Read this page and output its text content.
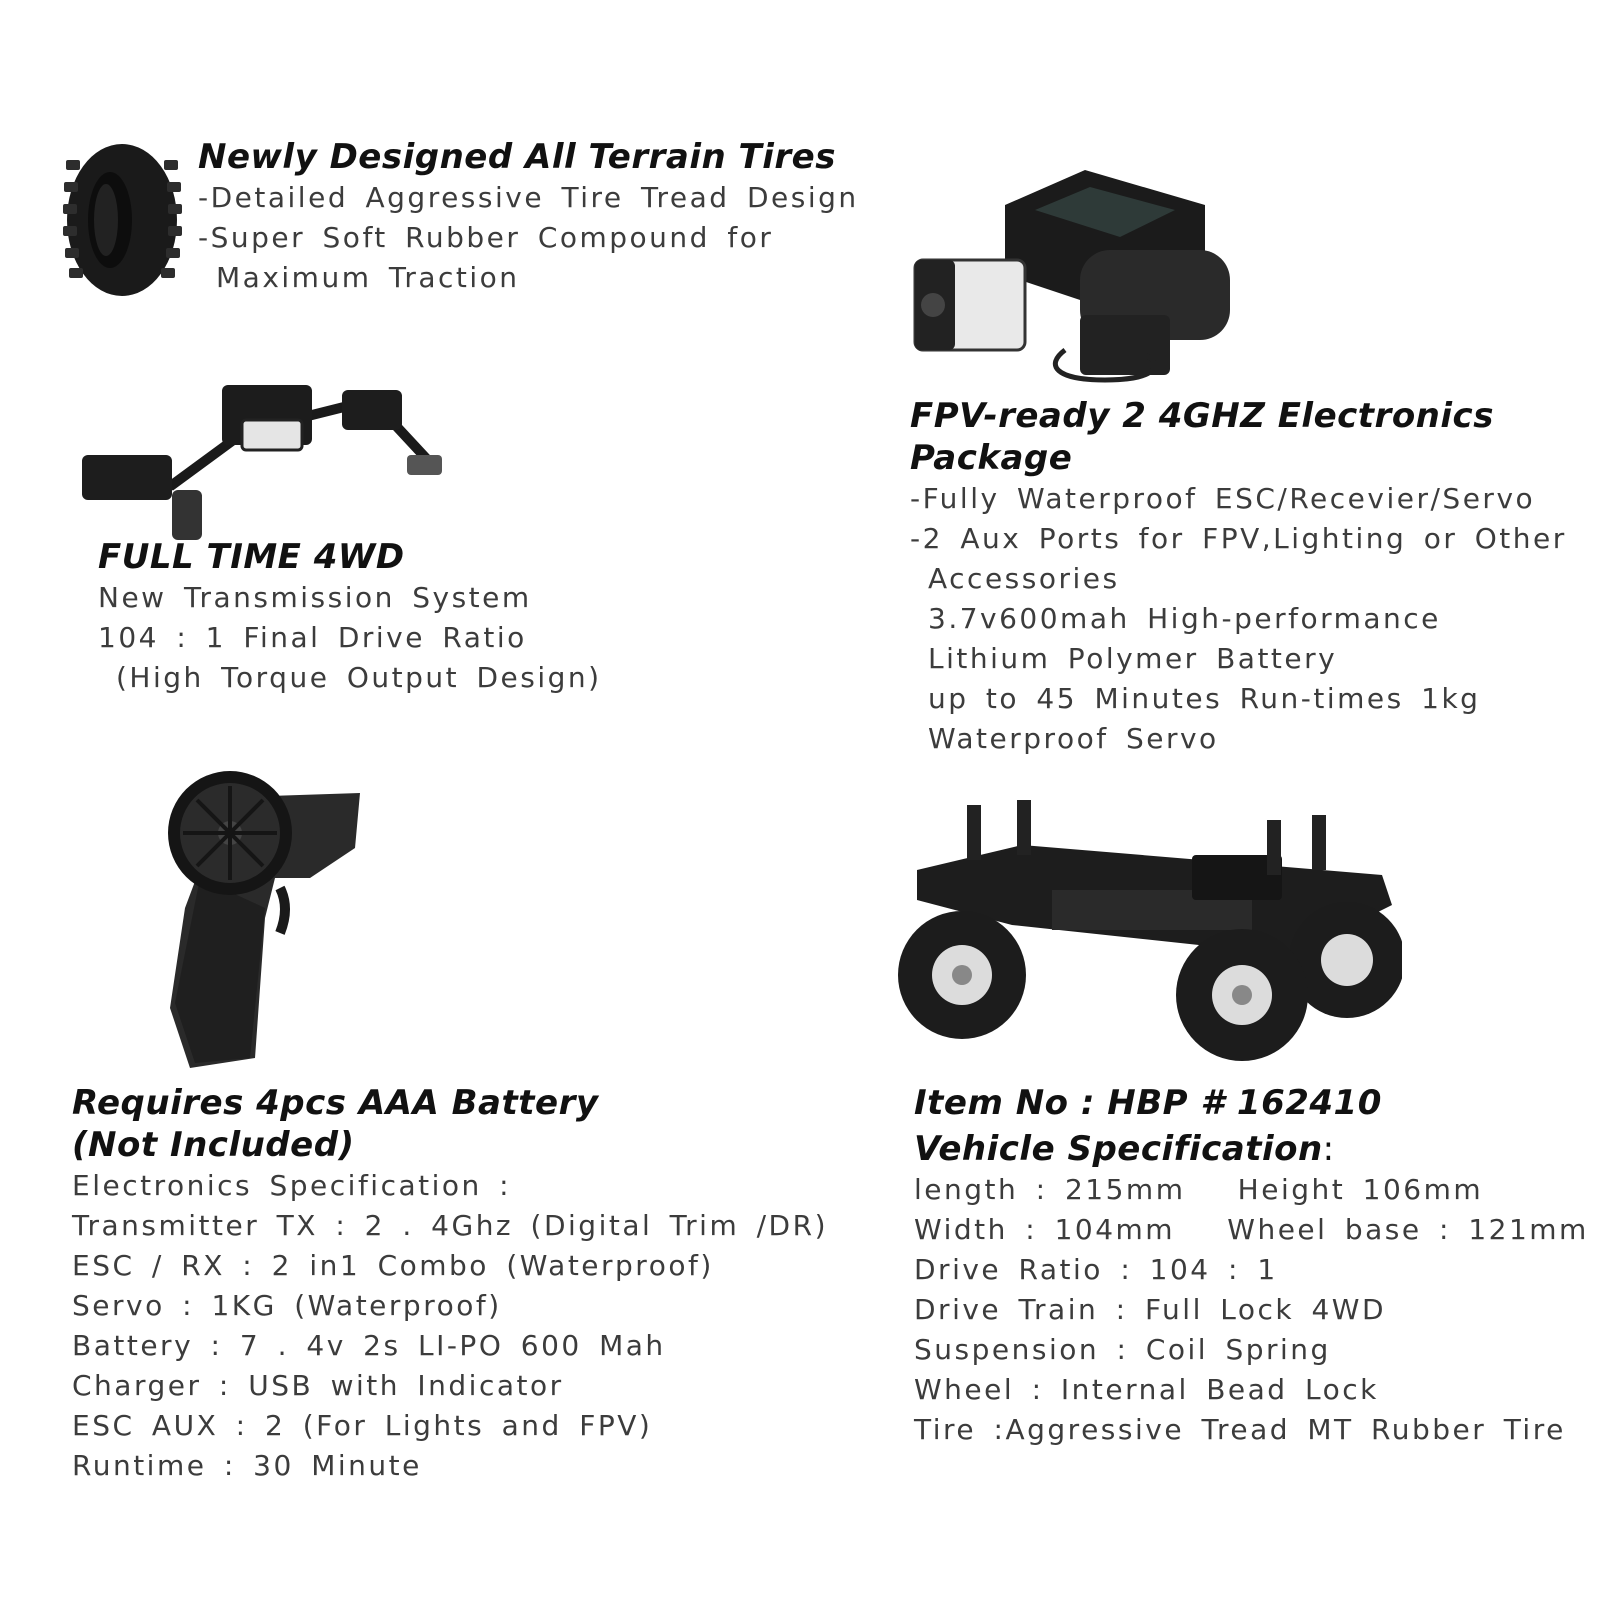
Newly Designed All Terrain Tires
-Detailed Aggressive Tire Tread Design
-Super Soft Rubber Compound for
Maximum Traction
FPV-ready 2 4GHZ Electronics
Package
-Fully Waterproof ESC/Recevier/Servo
-2 Aux Ports for FPV,Lighting or Other
Accessories
3.7v600mah High-performance
Lithium Polymer Battery
up to 45 Minutes Run-times 1kg
Waterproof Servo
FULL TIME 4WD
New Transmission System
104 : 1 Final Drive Ratio
(High Torque Output Design)
Requires 4pcs AAA Battery
(Not Included)
Electronics Specification :
Transmitter TX : 2 . 4Ghz (Digital Trim /DR)
ESC / RX : 2 in1 Combo (Waterproof)
Servo : 1KG (Waterproof)
Battery : 7 . 4v 2s LI-PO 600 Mah
Charger : USB with Indicator
ESC AUX : 2 (For Lights and FPV)
Runtime : 30 Minute
Item No : HBP # 162410
Vehicle Specification:
length : 215mm   Height 106mm
Width : 104mm   Wheel base : 121mm
Drive Ratio : 104 : 1
Drive Train : Full Lock 4WD
Suspension : Coil Spring
Wheel : Internal Bead Lock
Tire :Aggressive Tread MT Rubber Tire
